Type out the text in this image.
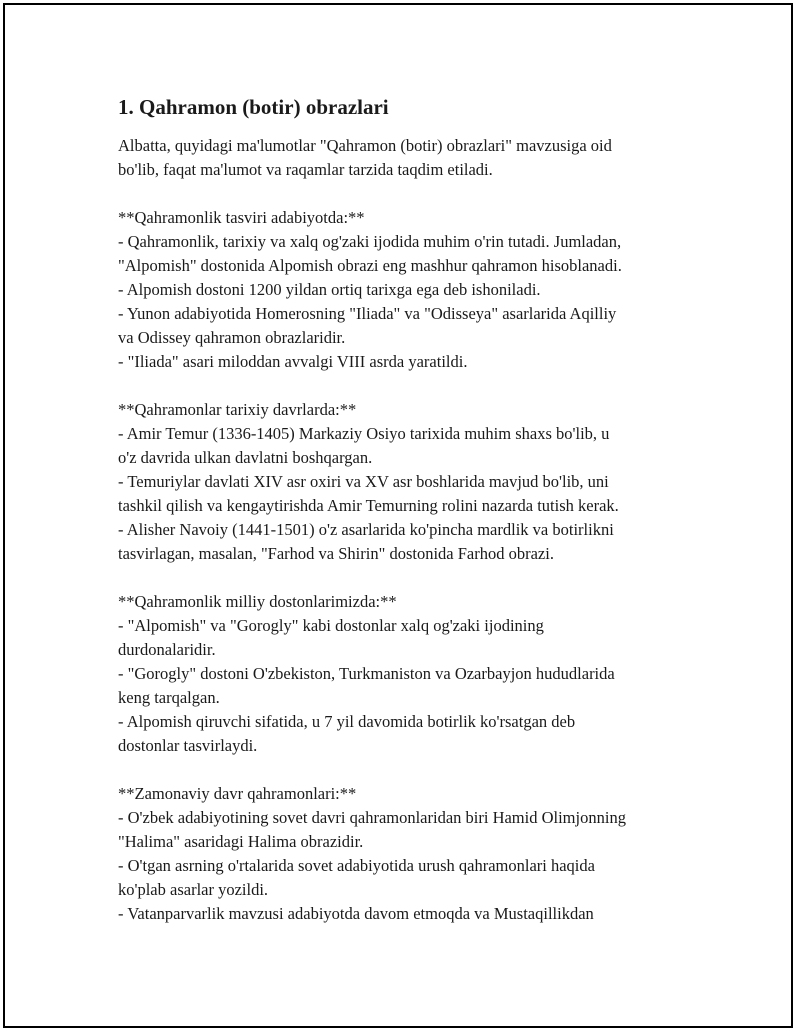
1. Qahramon (botir) obrazlari
Albatta, quyidagi ma'lumotlar "Qahramon (botir) obrazlari" mavzusiga oid
bo'lib, faqat ma'lumot va raqamlar tarzida taqdim etiladi.
**Qahramonlik tasviri adabiyotda:**
- Qahramonlik, tarixiy va xalq og'zaki ijodida muhim o'rin tutadi. Jumladan,
"Alpomish" dostonida Alpomish obrazi eng mashhur qahramon hisoblanadi.
- Alpomish dostoni 1200 yildan ortiq tarixga ega deb ishoniladi.
- Yunon adabiyotida Homerosning "Iliada" va "Odisseya" asarlarida Aqilliy
va Odissey qahramon obrazlaridir.
- "Iliada" asari miloddan avvalgi VIII asrda yaratildi.
**Qahramonlar tarixiy davrlarda:**
- Amir Temur (1336-1405) Markaziy Osiyo tarixida muhim shaxs bo'lib, u
o'z davrida ulkan davlatni boshqargan.
- Temuriylar davlati XIV asr oxiri va XV asr boshlarida mavjud bo'lib, uni
tashkil qilish va kengaytirishda Amir Temurning rolini nazarda tutish kerak.
- Alisher Navoiy (1441-1501) o'z asarlarida ko'pincha mardlik va botirlikni
tasvirlagan, masalan, "Farhod va Shirin" dostonida Farhod obrazi.
**Qahramonlik milliy dostonlarimizda:**
- "Alpomish" va "Gorogly" kabi dostonlar xalq og'zaki ijodining
durdonalaridir.
- "Gorogly" dostoni O'zbekiston, Turkmaniston va Ozarbayjon hududlarida
keng tarqalgan.
- Alpomish qiruvchi sifatida, u 7 yil davomida botirlik ko'rsatgan deb
dostonlar tasvirlaydi.
**Zamonaviy davr qahramonlari:**
- O'zbek adabiyotining sovet davri qahramonlaridan biri Hamid Olimjonning
"Halima" asaridagi Halima obrazidir.
- O'tgan asrning o'rtalarida sovet adabiyotida urush qahramonlari haqida
ko'plab asarlar yozildi.
- Vatanparvarlik mavzusi adabiyotda davom etmoqda va Mustaqillikdan
